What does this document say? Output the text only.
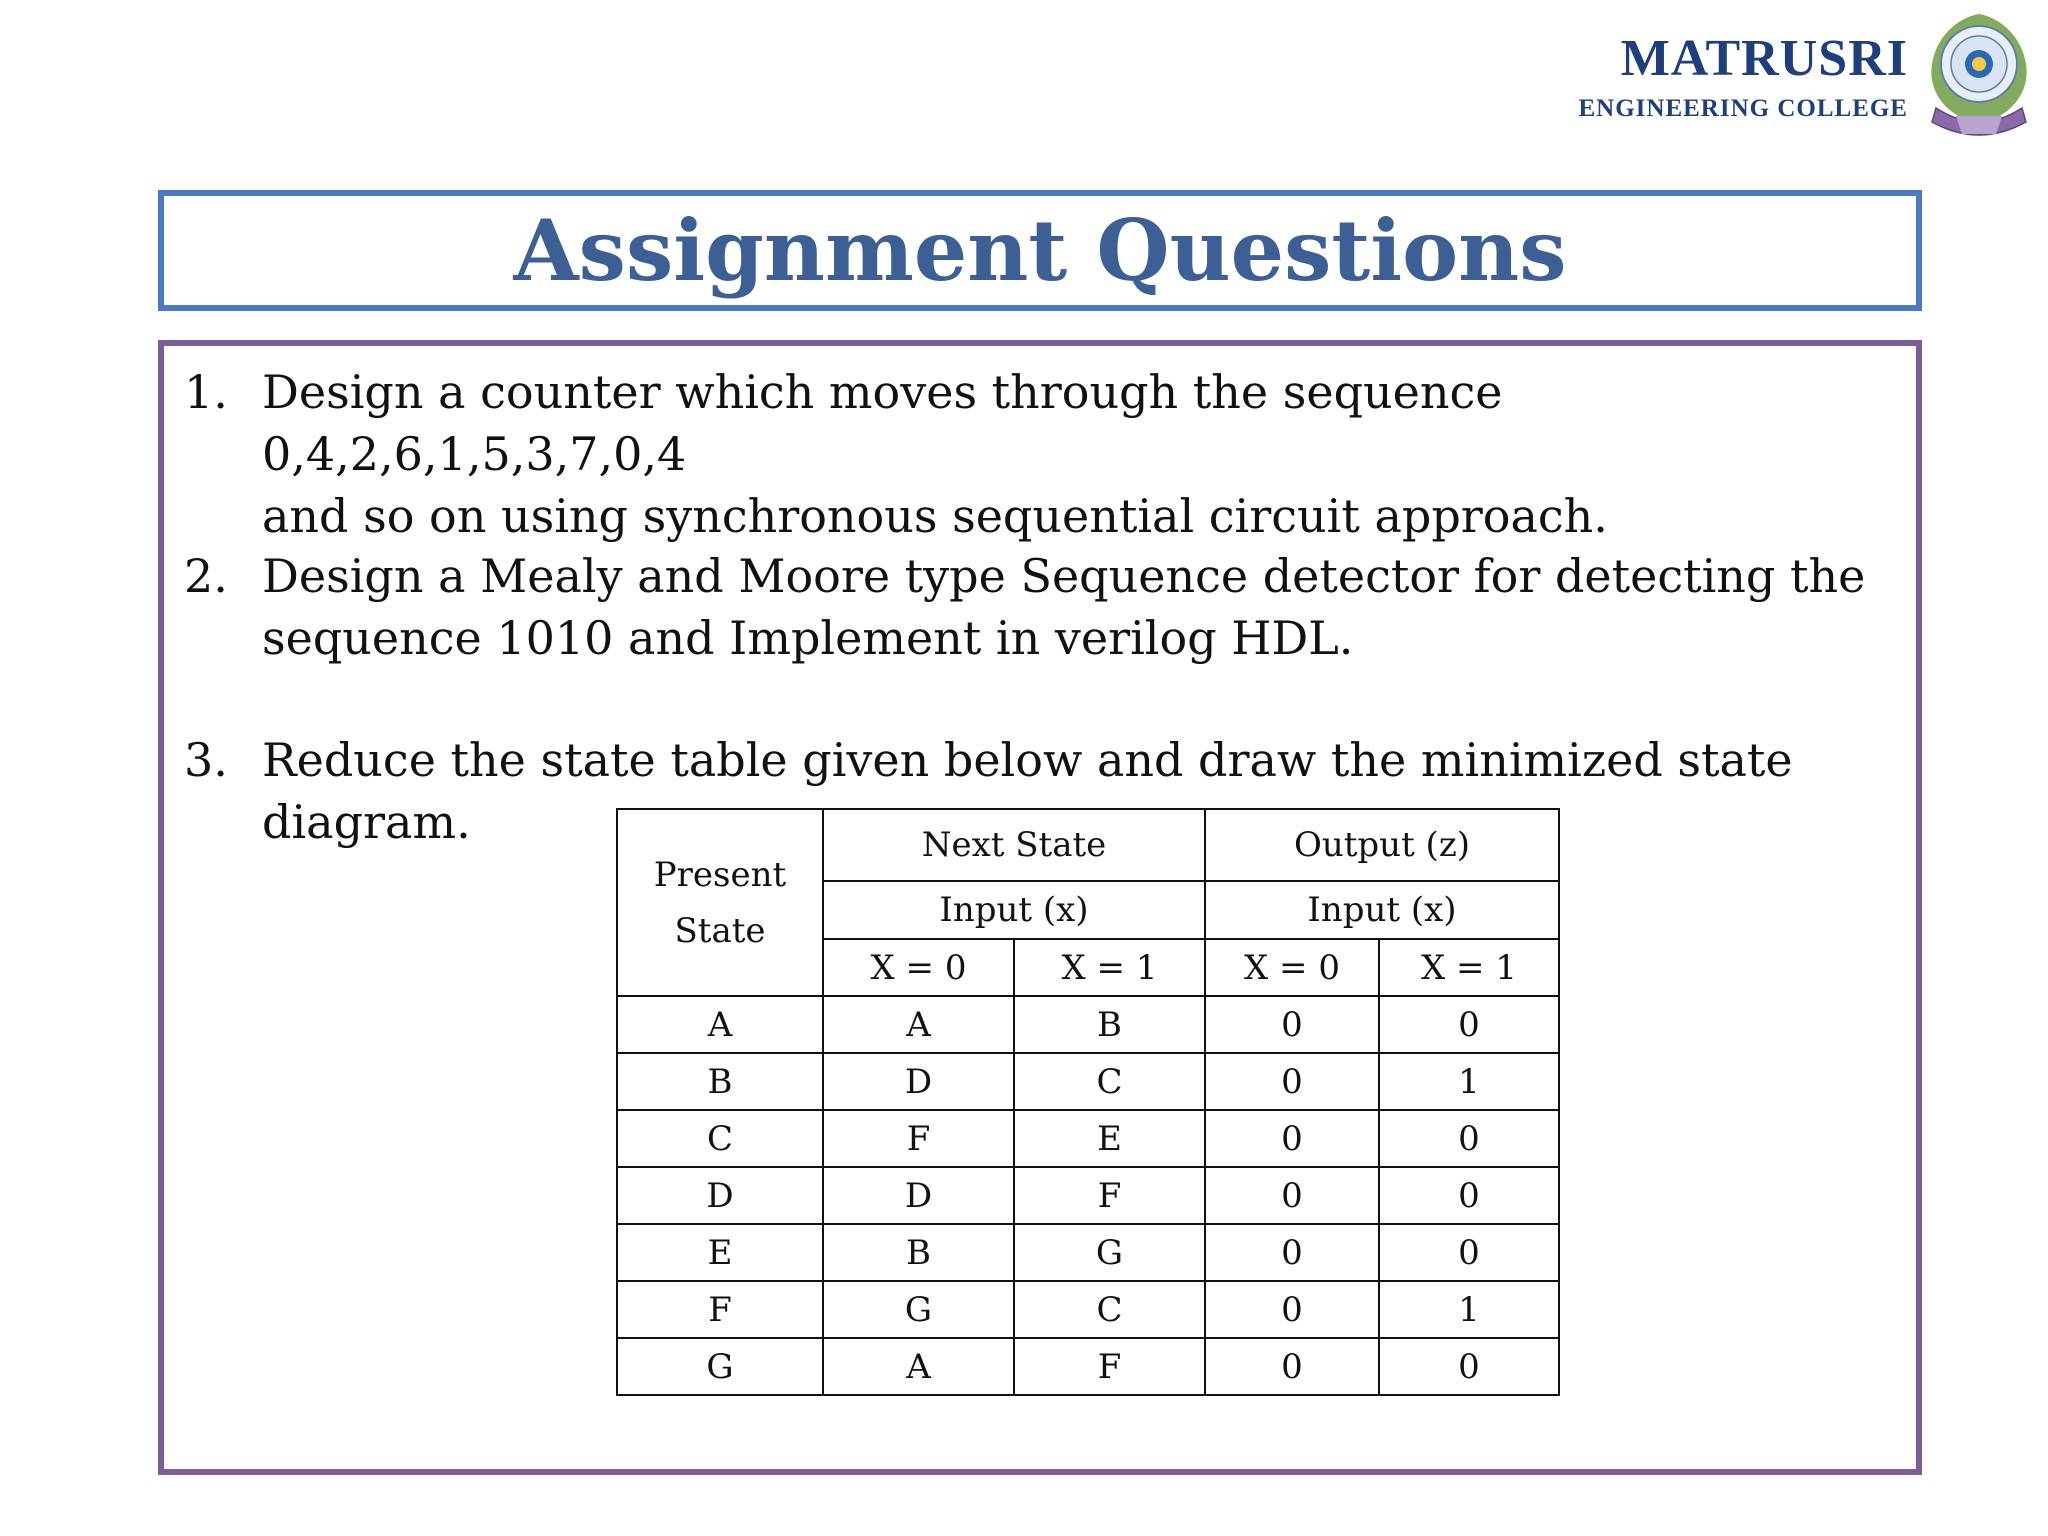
MATRUSRI
ENGINEERING COLLEGE
Assignment Questions
1. Design a counter which moves through the sequence 0,4,2,6,1,5,3,7,0,4
and so on using synchronous sequential circuit approach.
2. Design a Mealy and Moore type Sequence detector for detecting the
sequence 1010 and Implement in verilog HDL.
3. Reduce the state table given below and draw the minimized state diagram.
Present
State	Next State		Output (z)	
	Input (x)		Input (x)	
	X = 0	X = 1	X = 0	X = 1
A	A	B	0	0
B	D	C	0	1
C	F	E	0	0
D	D	F	0	0
E	B	G	0	0
F	G	C	0	1
G	A	F	0	0
